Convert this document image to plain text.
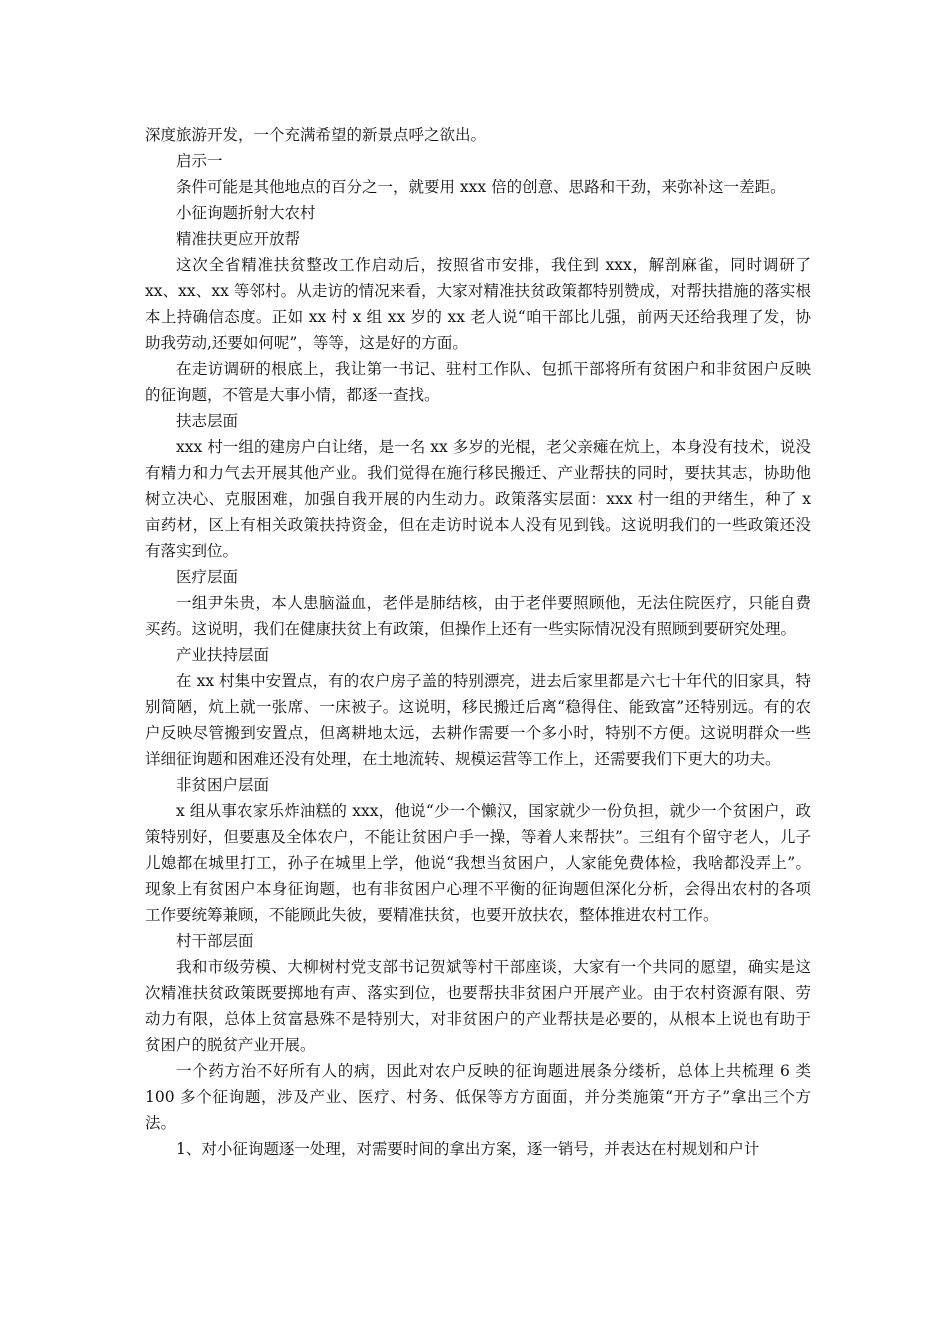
深度旅游开发，一个充满希望的新景点呼之欲出。

启示一

条件可能是其他地点的百分之一，就要用 xxx 倍的创意、思路和干劲，来弥补这一差距。

小征询题折射大农村

精准扶更应开放帮

这次全省精准扶贫整改工作启动后，按照省市安排，我住到 xxx，解剖麻雀，同时调研了 xx、xx、xx 等邻村。从走访的情况来看，大家对精准扶贫政策都特别赞成，对帮扶措施的落实根本上持确信态度。正如 xx 村 x 组 xx 岁的 xx 老人说“咱干部比儿强，前两天还给我理了发，协助我劳动,还要如何呢”，等等，这是好的方面。

在走访调研的根底上，我让第一书记、驻村工作队、包抓干部将所有贫困户和非贫困户反映的征询题，不管是大事小情，都逐一查找。

扶志层面

xxx 村一组的建房户白让绪，是一名 xx 多岁的光棍，老父亲瘫在炕上，本身没有技术，说没有精力和力气去开展其他产业。我们觉得在施行移民搬迁、产业帮扶的同时，要扶其志，协助他树立决心、克服困难，加强自我开展的内生动力。政策落实层面：xxx 村一组的尹绪生，种了 x 亩药材，区上有相关政策扶持资金，但在走访时说本人没有见到钱。这说明我们的一些政策还没有落实到位。

医疗层面

一组尹朱贵，本人患脑溢血，老伴是肺结核，由于老伴要照顾他，无法住院医疗，只能自费买药。这说明，我们在健康扶贫上有政策，但操作上还有一些实际情况没有照顾到要研究处理。

产业扶持层面

在 xx 村集中安置点，有的农户房子盖的特别漂亮，进去后家里都是六七十年代的旧家具，特别简陋，炕上就一张席、一床被子。这说明，移民搬迁后离“稳得住、能致富”还特别远。有的农户反映尽管搬到安置点，但离耕地太远，去耕作需要一个多小时，特别不方便。这说明群众一些详细征询题和困难还没有处理，在土地流转、规模运营等工作上，还需要我们下更大的功夫。

非贫困户层面

x 组从事农家乐炸油糕的 xxx，他说“少一个懒汉，国家就少一份负担，就少一个贫困户，政策特别好，但要惠及全体农户，不能让贫困户手一操，等着人来帮扶”。三组有个留守老人，儿子儿媳都在城里打工，孙子在城里上学，他说“我想当贫困户，人家能免费体检，我啥都没弄上”。现象上有贫困户本身征询题，也有非贫困户心理不平衡的征询题但深化分析，会得出农村的各项工作要统筹兼顾，不能顾此失彼，要精准扶贫，也要开放扶农，整体推进农村工作。

村干部层面

我和市级劳模、大柳树村党支部书记贺斌等村干部座谈，大家有一个共同的愿望，确实是这次精准扶贫政策既要掷地有声、落实到位，也要帮扶非贫困户开展产业。由于农村资源有限、劳动力有限，总体上贫富悬殊不是特别大，对非贫困户的产业帮扶是必要的，从根本上说也有助于贫困户的脱贫产业开展。

一个药方治不好所有人的病，因此对农户反映的征询题进展条分缕析，总体上共梳理 6 类 100 多个征询题，涉及产业、医疗、村务、低保等方方面面，并分类施策“开方子”拿出三个方法。

1、对小征询题逐一处理，对需要时间的拿出方案，逐一销号，并表达在村规划和户计
